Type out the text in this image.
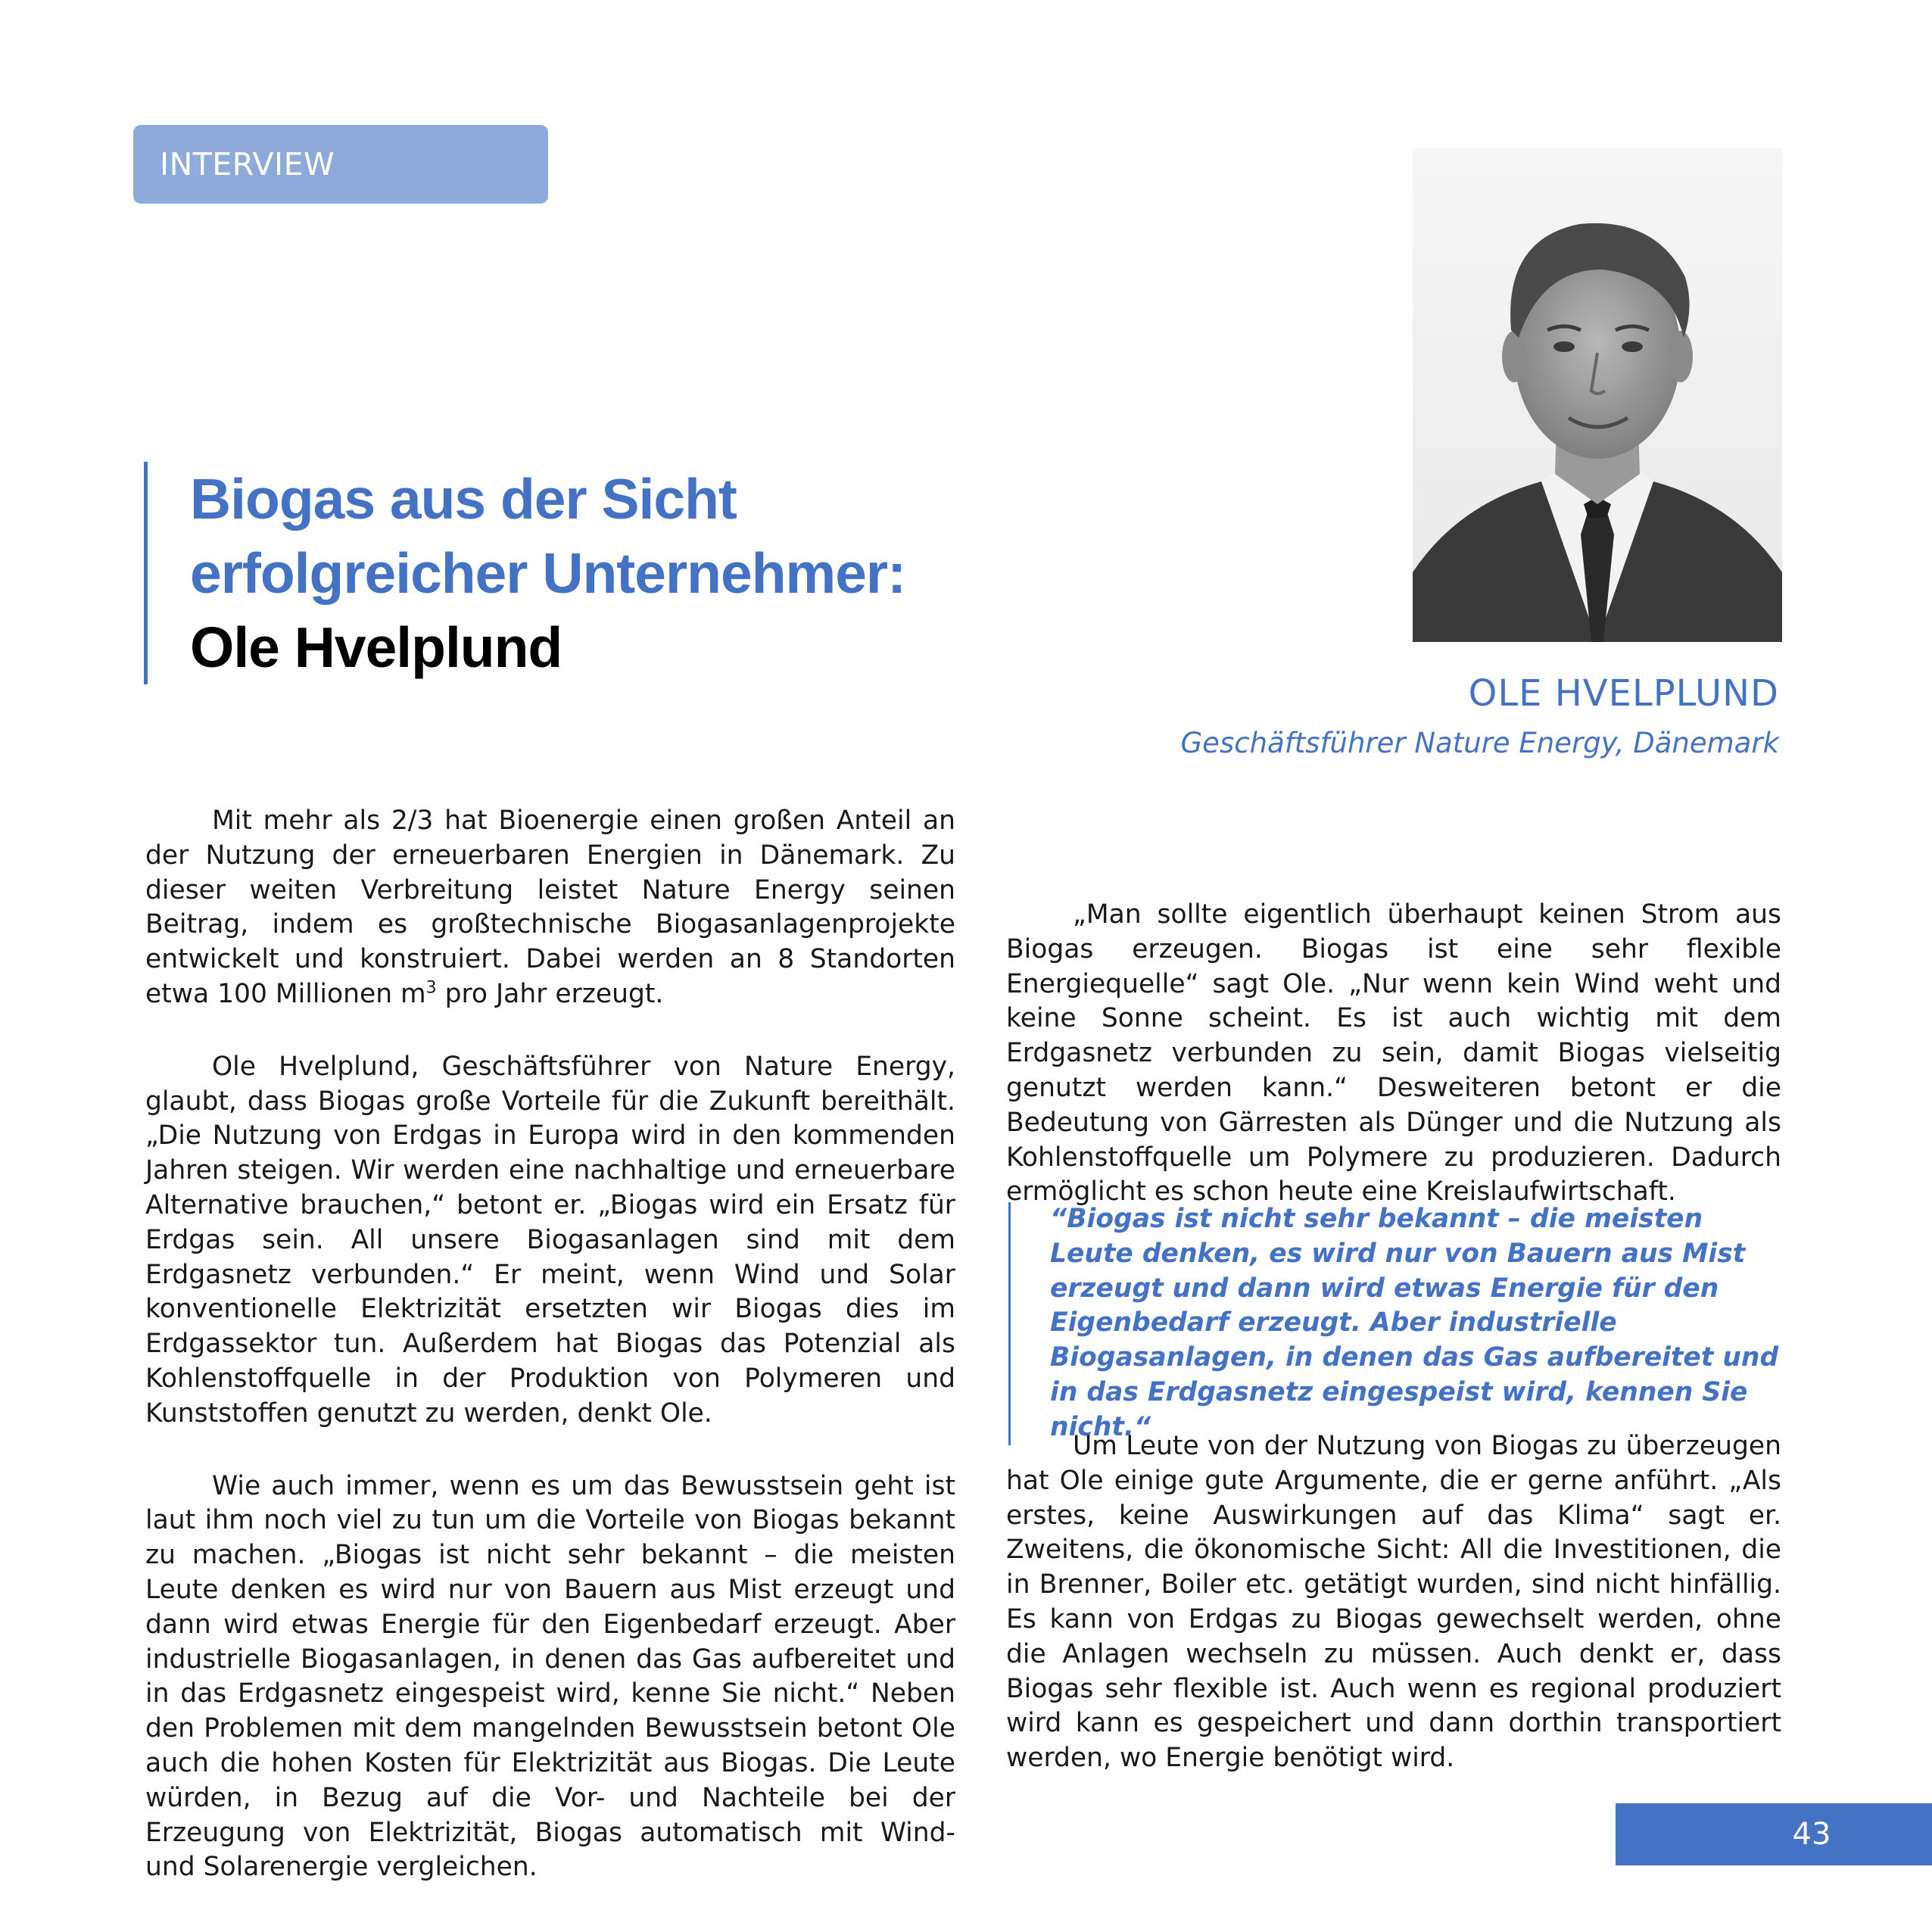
INTERVIEW
Biogas aus der Sicht
erfolgreicher Unternehmer:
Ole Hvelplund
OLE HVELPLUND
Geschäftsführer Nature Energy, Dänemark

Mit mehr als 2/3 hat Bioenergie einen großen Anteil an der Nutzung der erneuerbaren Energien in Dänemark. Zu dieser weiten Verbreitung leistet Nature Energy seinen Beitrag, indem es großtechnische Biogasanlagenprojekte entwickelt und konstruiert. Dabei werden an 8 Standorten etwa 100 Millionen $m^3$ pro Jahr erzeugt.

Ole Hvelplund, Geschäftsführer von Nature Energy, glaubt, dass Biogas große Vorteile für die Zukunft bereithält. „Die Nutzung von Erdgas in Europa wird in den kommenden Jahren steigen. Wir werden eine nachhaltige und erneuerbare Alternative brauchen,“ betont er. „Biogas wird ein Ersatz für Erdgas sein. All unsere Biogasanlagen sind mit dem Erdgasnetz verbunden.“ Er meint, wenn Wind und Solar konventionelle Elektrizität ersetzten wir Biogas dies im Erdgassektor tun. Außerdem hat Biogas das Potenzial als Kohlenstoffquelle in der Produktion von Polymeren und Kunststoffen genutzt zu werden, denkt Ole.

Wie auch immer, wenn es um das Bewusstsein geht ist laut ihm noch viel zu tun um die Vorteile von Biogas bekannt zu machen. „Biogas ist nicht sehr bekannt – die meisten Leute denken es wird nur von Bauern aus Mist erzeugt und dann wird etwas Energie für den Eigenbedarf erzeugt. Aber industrielle Biogasanlagen, in denen das Gas aufbereitet und in das Erdgasnetz eingespeist wird, kenne Sie nicht.“ Neben den Problemen mit dem mangelnden Bewusstsein betont Ole auch die hohen Kosten für Elektrizität aus Biogas. Die Leute würden, in Bezug auf die Vor- und Nachteile bei der Erzeugung von Elektrizität, Biogas automatisch mit Wind- und Solarenergie vergleichen.

„Man sollte eigentlich überhaupt keinen Strom aus Biogas erzeugen. Biogas ist eine sehr flexible Energiequelle“ sagt Ole. „Nur wenn kein Wind weht und keine Sonne scheint. Es ist auch wichtig mit dem Erdgasnetz verbunden zu sein, damit Biogas vielseitig genutzt werden kann.“ Desweiteren betont er die Bedeutung von Gärresten als Dünger und die Nutzung als Kohlenstoffquelle um Polymere zu produzieren. Dadurch ermöglicht es schon heute eine Kreislaufwirtschaft.

“Biogas ist nicht sehr bekannt – die meisten Leute denken, es wird nur von Bauern aus Mist erzeugt und dann wird etwas Energie für den Eigenbedarf erzeugt. Aber industrielle Biogasanlagen, in denen das Gas aufbereitet und in das Erdgasnetz eingespeist wird, kennen Sie nicht.“

Um Leute von der Nutzung von Biogas zu überzeugen hat Ole einige gute Argumente, die er gerne anführt. „Als erstes, keine Auswirkungen auf das Klima“ sagt er. Zweitens, die ökonomische Sicht: All die Investitionen, die in Brenner, Boiler etc. getätigt wurden, sind nicht hinfällig. Es kann von Erdgas zu Biogas gewechselt werden, ohne die Anlagen wechseln zu müssen. Auch denkt er, dass Biogas sehr flexible ist. Auch wenn es regional produziert wird kann es gespeichert und dann dorthin transportiert werden, wo Energie benötigt wird.

43
